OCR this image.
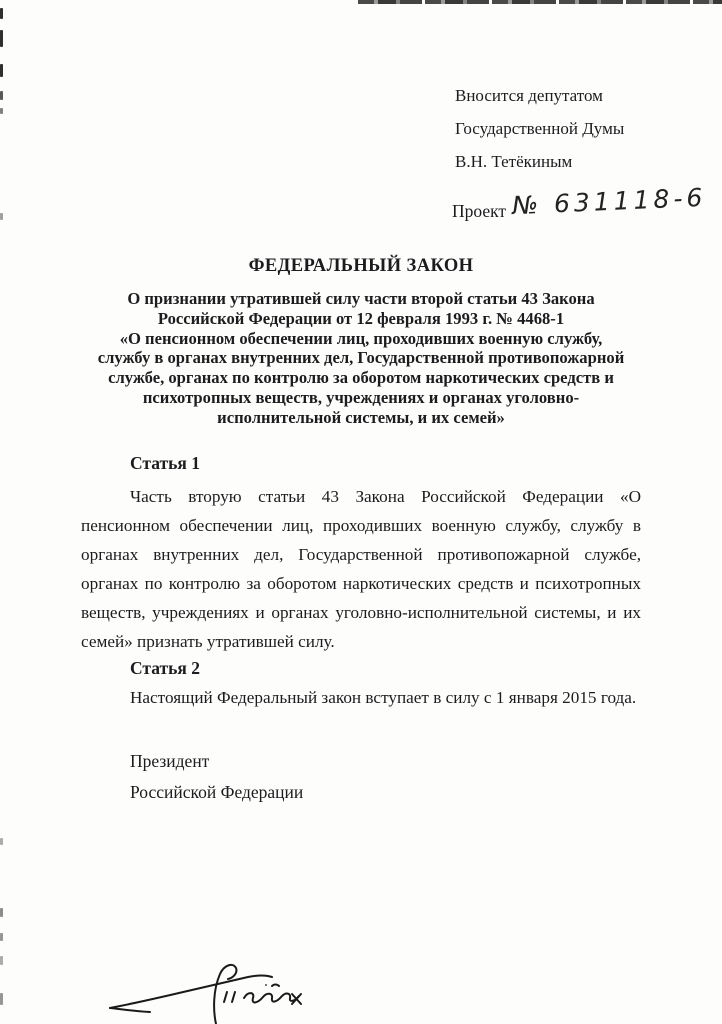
Вносится депутатом
Государственной Думы
В.Н. Тетёкиным
Проект № 631118-6
ФЕДЕРАЛЬНЫЙ ЗАКОН
О признании утратившей силу части второй статьи 43 Закона
Российской Федерации от 12 февраля 1993 г. № 4468-1
«О пенсионном обеспечении лиц, проходивших военную службу,
службу в органах внутренних дел, Государственной противопожарной
службе, органах по контролю за оборотом наркотических средств и
психотропных веществ, учреждениях и органах уголовно-
исполнительной системы, и их семей»
Статья 1
Часть вторую статьи 43 Закона Российской Федерации «О
пенсионном обеспечении лиц, проходивших военную службу, службу в
органах внутренних дел, Государственной противопожарной службе,
органах по контролю за оборотом наркотических средств и психотропных
веществ, учреждениях и органах уголовно-исполнительной системы, и их
семей» признать утратившей силу.
Статья 2
Настоящий Федеральный закон вступает в силу с 1 января 2015 года.
Президент
Российской Федерации
